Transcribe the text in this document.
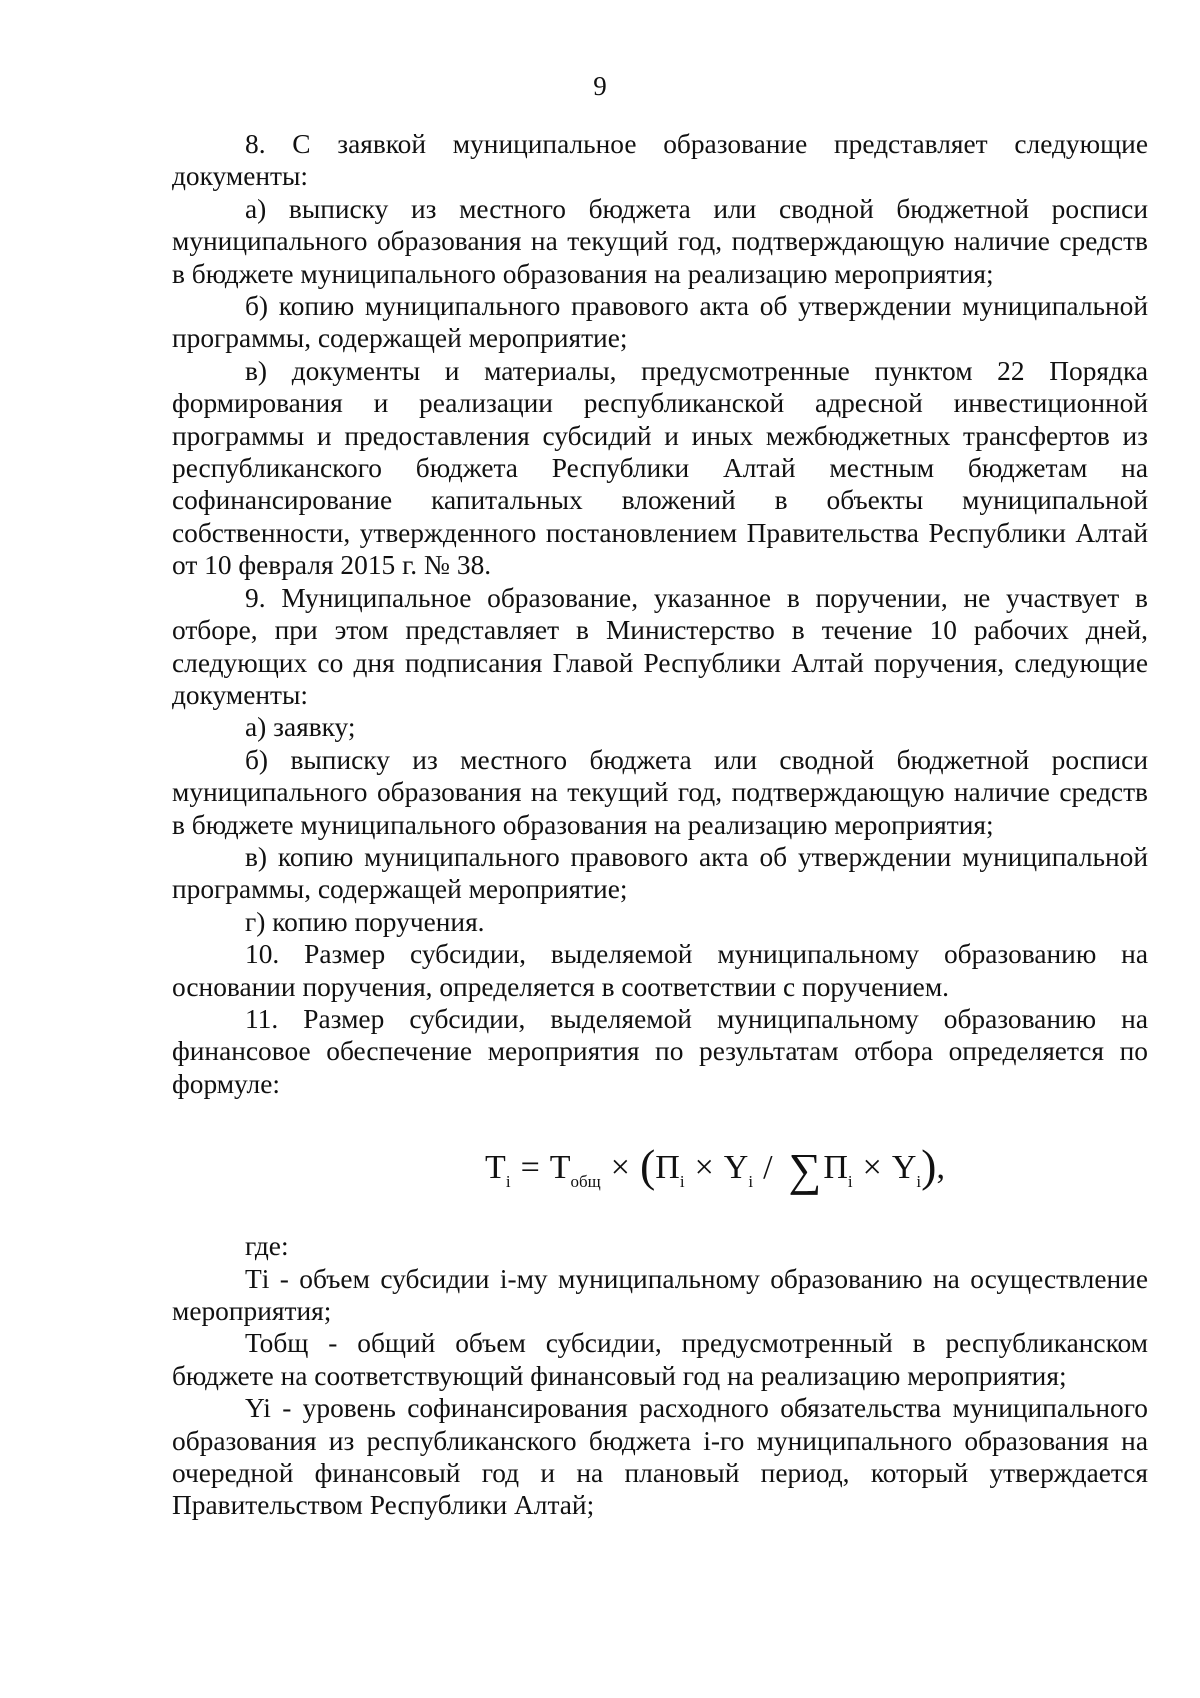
9

8. С заявкой муниципальное образование представляет следующие документы:

а) выписку из местного бюджета или сводной бюджетной росписи муниципального образования на текущий год, подтверждающую наличие средств в бюджете муниципального образования на реализацию мероприятия;

б) копию муниципального правового акта об утверждении муниципальной программы, содержащей мероприятие;

в) документы и материалы, предусмотренные пунктом 22 Порядка формирования и реализации республиканской адресной инвестиционной программы и предоставления субсидий и иных межбюджетных трансфертов из республиканского бюджета Республики Алтай местным бюджетам на софинансирование капитальных вложений в объекты муниципальной собственности, утвержденного постановлением Правительства Республики Алтай от 10 февраля 2015 г. № 38.

9. Муниципальное образование, указанное в поручении, не участвует в отборе, при этом представляет в Министерство в течение 10 рабочих дней, следующих со дня подписания Главой Республики Алтай поручения, следующие документы:

а) заявку;

б) выписку из местного бюджета или сводной бюджетной росписи муниципального образования на текущий год, подтверждающую наличие средств в бюджете муниципального образования на реализацию мероприятия;

в) копию муниципального правового акта об утверждении муниципальной программы, содержащей мероприятие;

г) копию поручения.

10. Размер субсидии, выделяемой муниципальному образованию на основании поручения, определяется в соответствии с поручением.

11. Размер субсидии, выделяемой муниципальному образованию на финансовое обеспечение мероприятия по результатам отбора определяется по формуле:

$Т_i = Т_{общ}$ × ( $П_i \times Y_i$ / ∑ $П_i \times Y_i$ ) ,

где:

Тi - объем субсидии i-му муниципальному образованию на осуществление мероприятия;

Тобщ - общий объем субсидии, предусмотренный в республиканском бюджете на соответствующий финансовый год на реализацию мероприятия;

Yi - уровень софинансирования расходного обязательства муниципального образования из республиканского бюджета i-го муниципального образования на очередной финансовый год и на плановый период, который утверждается Правительством Республики Алтай;
